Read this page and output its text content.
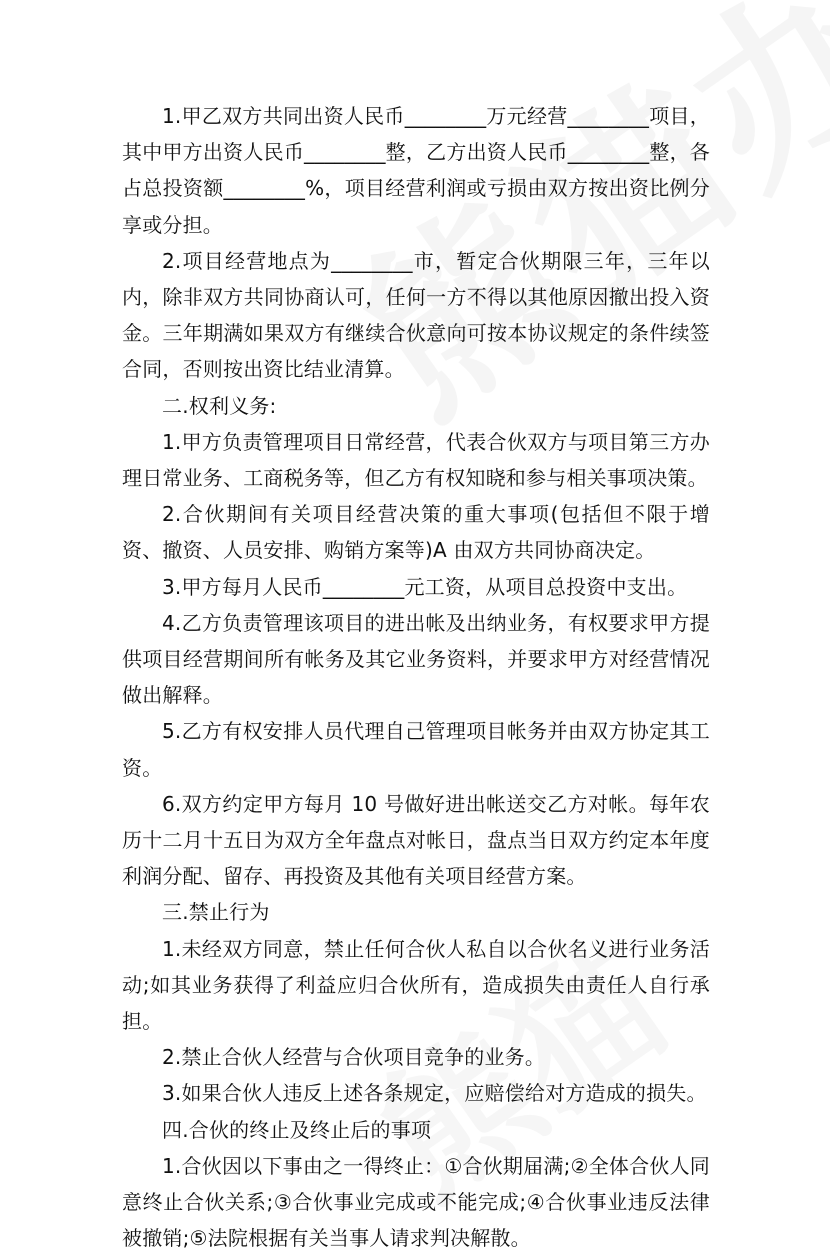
1.甲乙双方共同出资人民币________万元经营________项目，其中甲方出资人民币________整，乙方出资人民币________整，各占总投资额________%，项目经营利润或亏损由双方按出资比例分享或分担。

2.项目经营地点为________市，暂定合伙期限三年，三年以内，除非双方共同协商认可，任何一方不得以其他原因撤出投入资金。三年期满如果双方有继续合伙意向可按本协议规定的条件续签合同，否则按出资比结业清算。

二.权利义务:

1.甲方负责管理项目日常经营，代表合伙双方与项目第三方办理日常业务、工商税务等，但乙方有权知晓和参与相关事项决策。

2.合伙期间有关项目经营决策的重大事项(包括但不限于增资、撤资、人员安排、购销方案等)A 由双方共同协商决定。

3.甲方每月人民币________元工资，从项目总投资中支出。

4.乙方负责管理该项目的进出帐及出纳业务，有权要求甲方提供项目经营期间所有帐务及其它业务资料，并要求甲方对经营情况做出解释。

5.乙方有权安排人员代理自己管理项目帐务并由双方协定其工资。

6.双方约定甲方每月 10 号做好进出帐送交乙方对帐。每年农历十二月十五日为双方全年盘点对帐日，盘点当日双方约定本年度利润分配、留存、再投资及其他有关项目经营方案。

三.禁止行为

1.未经双方同意，禁止任何合伙人私自以合伙名义进行业务活动;如其业务获得了利益应归合伙所有，造成损失由责任人自行承担。

2.禁止合伙人经营与合伙项目竞争的业务。

3.如果合伙人违反上述各条规定，应赔偿给对方造成的损失。

四.合伙的终止及终止后的事项

1.合伙因以下事由之一得终止：①合伙期届满;②全体合伙人同意终止合伙关系;③合伙事业完成或不能完成;④合伙事业违反法律被撤销;⑤法院根据有关当事人请求判决解散。
